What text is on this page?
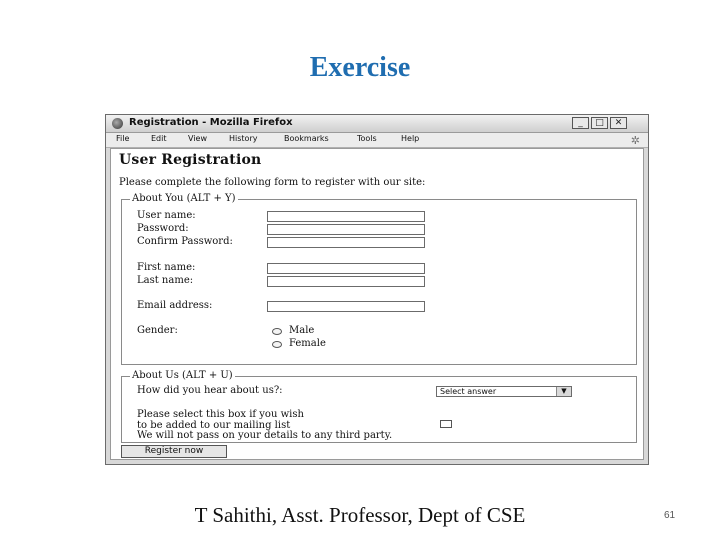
Exercise
Registration - Mozilla Firefox	_	□	✕
File	Edit	View	History	Bookmarks	Tools	Help	✲
User Registration
Please complete the following form to register with our site:
About You (ALT + Y)
User name:
Password:
Confirm Password:
First name:
Last name:
Email address:
Gender:	Male
Female
About Us (ALT + U)
How did you hear about us?:	Select answer	▼
Please select this box if you wish
to be added to our mailing list
We will not pass on your details to any third party.
Register now
T Sahithi, Asst. Professor, Dept of CSE	61
